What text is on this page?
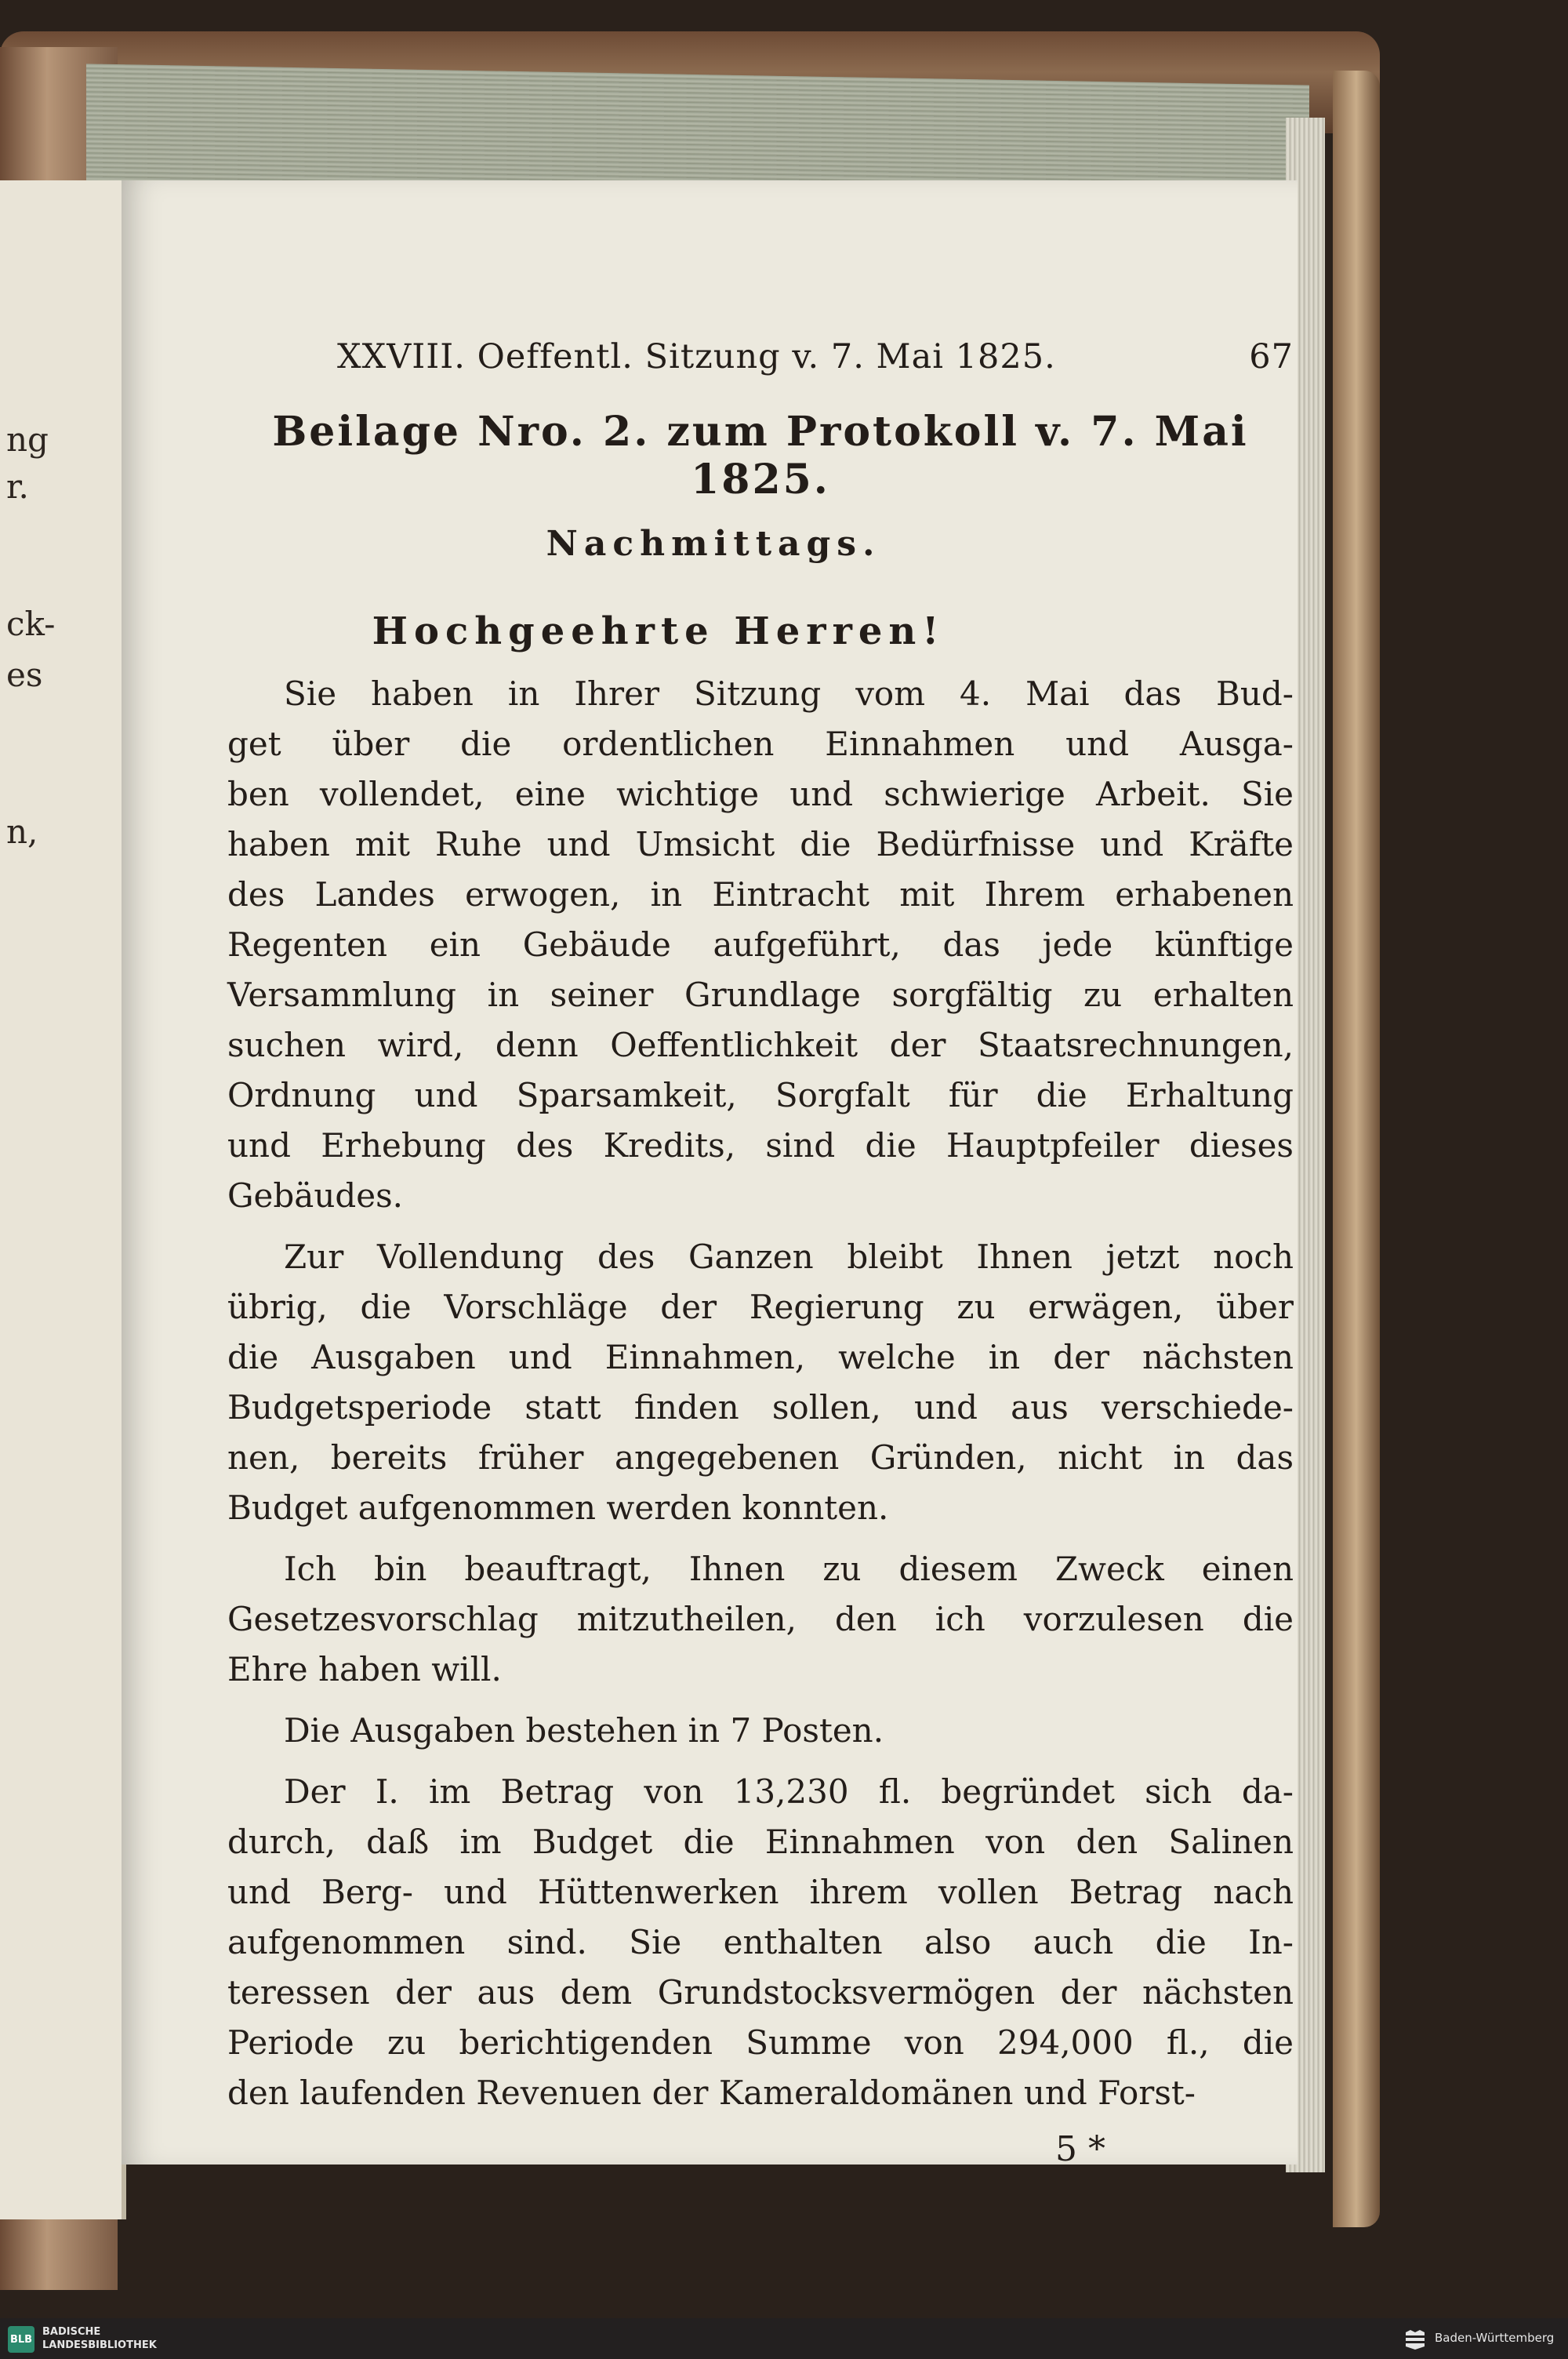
ng
r.
ck-
es
n,
XXVIII. Oeffentl. Sitzung v. 7. Mai 1825.	67
Beilage Nro. 2. zum Protokoll v. 7. Mai 1825.
Nachmittags.
Hochgeehrte Herren!
Sie haben in Ihrer Sitzung vom 4. Mai das Bud-
get über die ordentlichen Einnahmen und Ausga-
ben vollendet, eine wichtige und schwierige Arbeit. Sie
haben mit Ruhe und Umsicht die Bedürfnisse und Kräfte
des Landes erwogen, in Eintracht mit Ihrem erhabenen
Regenten ein Gebäude aufgeführt, das jede künftige
Versammlung in seiner Grundlage sorgfältig zu erhalten
suchen wird, denn Oeffentlichkeit der Staatsrechnungen,
Ordnung und Sparsamkeit, Sorgfalt für die Erhaltung
und Erhebung des Kredits, sind die Hauptpfeiler dieses
Gebäudes.
Zur Vollendung des Ganzen bleibt Ihnen jetzt noch
übrig, die Vorschläge der Regierung zu erwägen, über
die Ausgaben und Einnahmen, welche in der nächsten
Budgetsperiode statt finden sollen, und aus verschiede-
nen, bereits früher angegebenen Gründen, nicht in das
Budget aufgenommen werden konnten.
Ich bin beauftragt, Ihnen zu diesem Zweck einen
Gesetzesvorschlag mitzutheilen, den ich vorzulesen die
Ehre haben will.
Die Ausgaben bestehen in 7 Posten.
Der I. im Betrag von 13,230 fl. begründet sich da-
durch, daß im Budget die Einnahmen von den Salinen
und Berg- und Hüttenwerken ihrem vollen Betrag nach
aufgenommen sind. Sie enthalten also auch die In-
teressen der aus dem Grundstocksvermögen der nächsten
Periode zu berichtigenden Summe von 294,000 fl., die
den laufenden Revenuen der Kameraldomänen und Forst-
5 *
BLB
BADISCHE
LANDESBIBLIOTHEK
Baden-Württemberg
